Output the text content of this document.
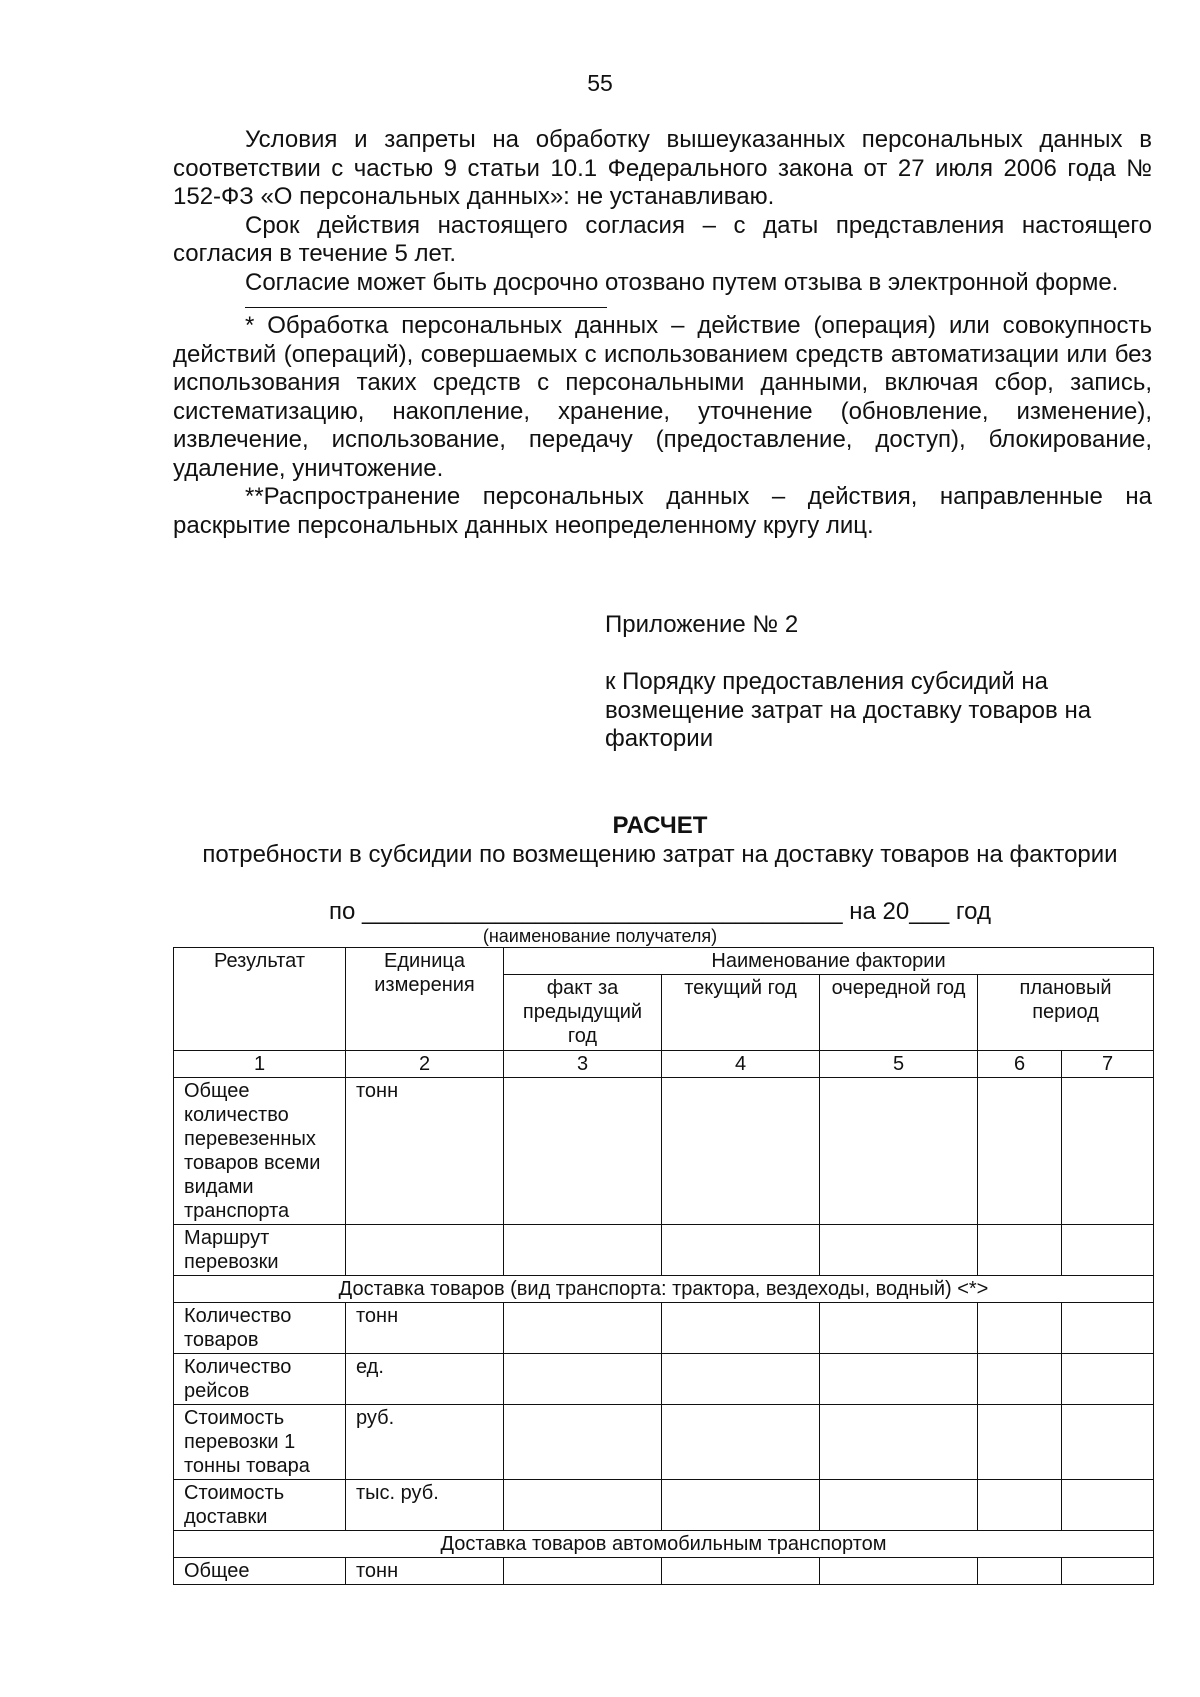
55

Условия и запреты на обработку вышеуказанных персональных данных в соответствии с частью 9 статьи 10.1 Федерального закона от 27 июля 2006 года № 152-ФЗ «О персональных данных»: не устанавливаю.

Срок действия настоящего согласия – с даты представления настоящего согласия в течение 5 лет.

Согласие может быть досрочно отозвано путем отзыва в электронной форме.

* Обработка персональных данных – действие (операция) или совокупность действий (операций), совершаемых с использованием средств автоматизации или без использования таких средств с персональными данными, включая сбор, запись, систематизацию, накопление, хранение, уточнение (обновление, изменение), извлечение, использование, передачу (предоставление, доступ), блокирование, удаление, уничтожение.

**Распространение персональных данных – действия, направленные на раскрытие персональных данных неопределенному кругу лиц.

Приложение № 2
к Порядку предоставления субсидий на возмещение затрат на доставку товаров на фактории
РАСЧЕТ
потребности в субсидии по возмещению затрат на доставку товаров на фактории
по ____________________________________ на 20___ год
(наименование получателя)
Результат	Единица измерения	Наименование фактории				
		факт за предыдущий год	текущий год	очередной год	плановый период	
1	2	3	4	5	6	7
Общее количество перевезенных товаров всеми видами транспорта	тонн					
Маршрут перевозки						
Доставка товаров (вид транспорта: трактора, вездеходы, водный) <*>						
Количество товаров	тонн					
Количество рейсов	ед.					
Стоимость перевозки 1 тонны товара	руб.					
Стоимость доставки	тыс. руб.					
Доставка товаров автомобильным транспортом						
Общее	тонн					
